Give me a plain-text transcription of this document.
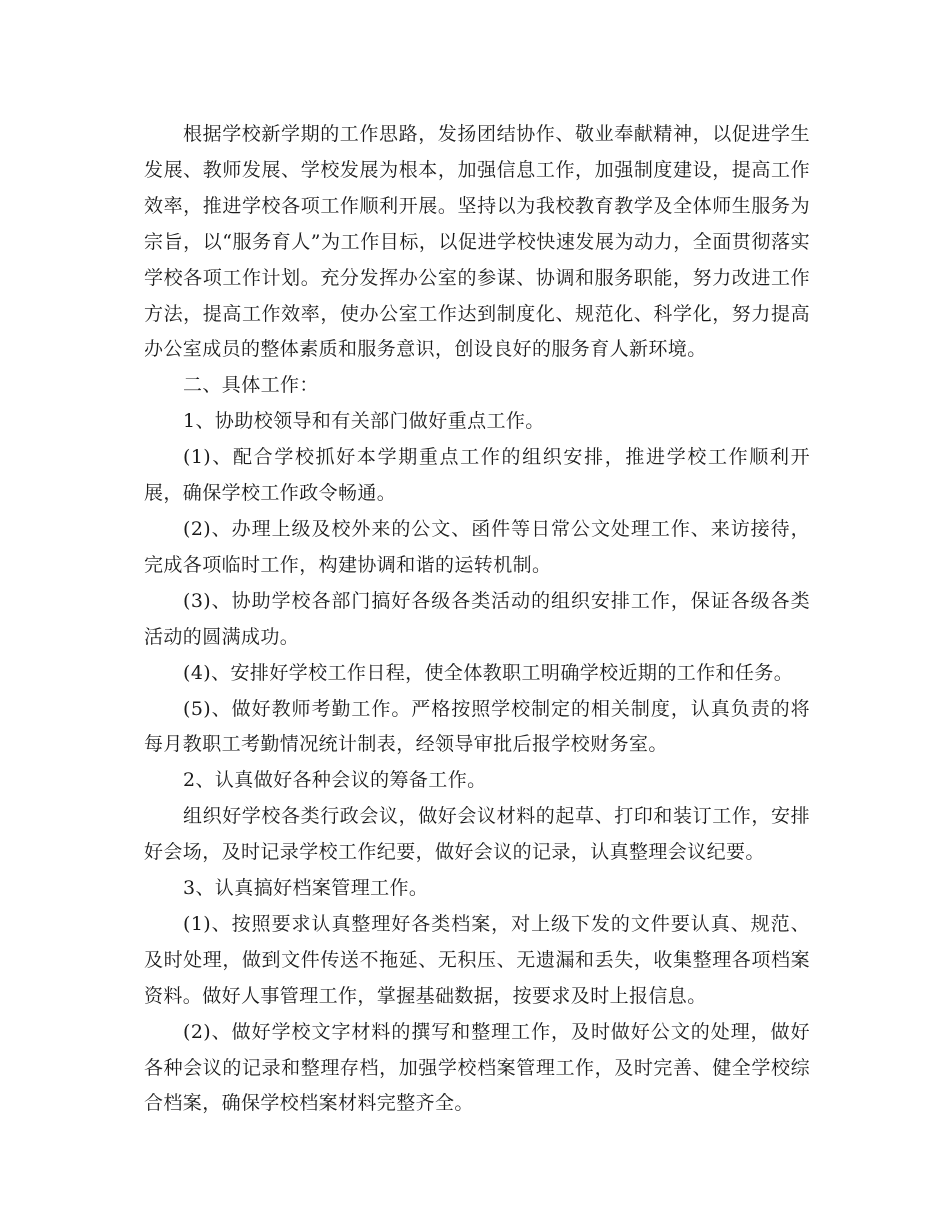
根据学校新学期的工作思路，发扬团结协作、敬业奉献精神，以促进学生发展、教师发展、学校发展为根本，加强信息工作，加强制度建设，提高工作效率，推进学校各项工作顺利开展。坚持以为我校教育教学及全体师生服务为宗旨，以“服务育人”为工作目标，以促进学校快速发展为动力，全面贯彻落实学校各项工作计划。充分发挥办公室的参谋、协调和服务职能，努力改进工作方法，提高工作效率，使办公室工作达到制度化、规范化、科学化，努力提高办公室成员的整体素质和服务意识，创设良好的服务育人新环境。

二、具体工作：

1、协助校领导和有关部门做好重点工作。

(1)、配合学校抓好本学期重点工作的组织安排，推进学校工作顺利开展，确保学校工作政令畅通。

(2)、办理上级及校外来的公文、函件等日常公文处理工作、来访接待，完成各项临时工作，构建协调和谐的运转机制。

(3)、协助学校各部门搞好各级各类活动的组织安排工作，保证各级各类活动的圆满成功。

(4)、安排好学校工作日程，使全体教职工明确学校近期的工作和任务。

(5)、做好教师考勤工作。严格按照学校制定的相关制度，认真负责的将每月教职工考勤情况统计制表，经领导审批后报学校财务室。

2、认真做好各种会议的筹备工作。

组织好学校各类行政会议，做好会议材料的起草、打印和装订工作，安排好会场，及时记录学校工作纪要，做好会议的记录，认真整理会议纪要。

3、认真搞好档案管理工作。

(1)、按照要求认真整理好各类档案，对上级下发的文件要认真、规范、及时处理，做到文件传送不拖延、无积压、无遗漏和丢失，收集整理各项档案资料。做好人事管理工作，掌握基础数据，按要求及时上报信息。

(2)、做好学校文字材料的撰写和整理工作，及时做好公文的处理，做好各种会议的记录和整理存档，加强学校档案管理工作，及时完善、健全学校综合档案，确保学校档案材料完整齐全。
